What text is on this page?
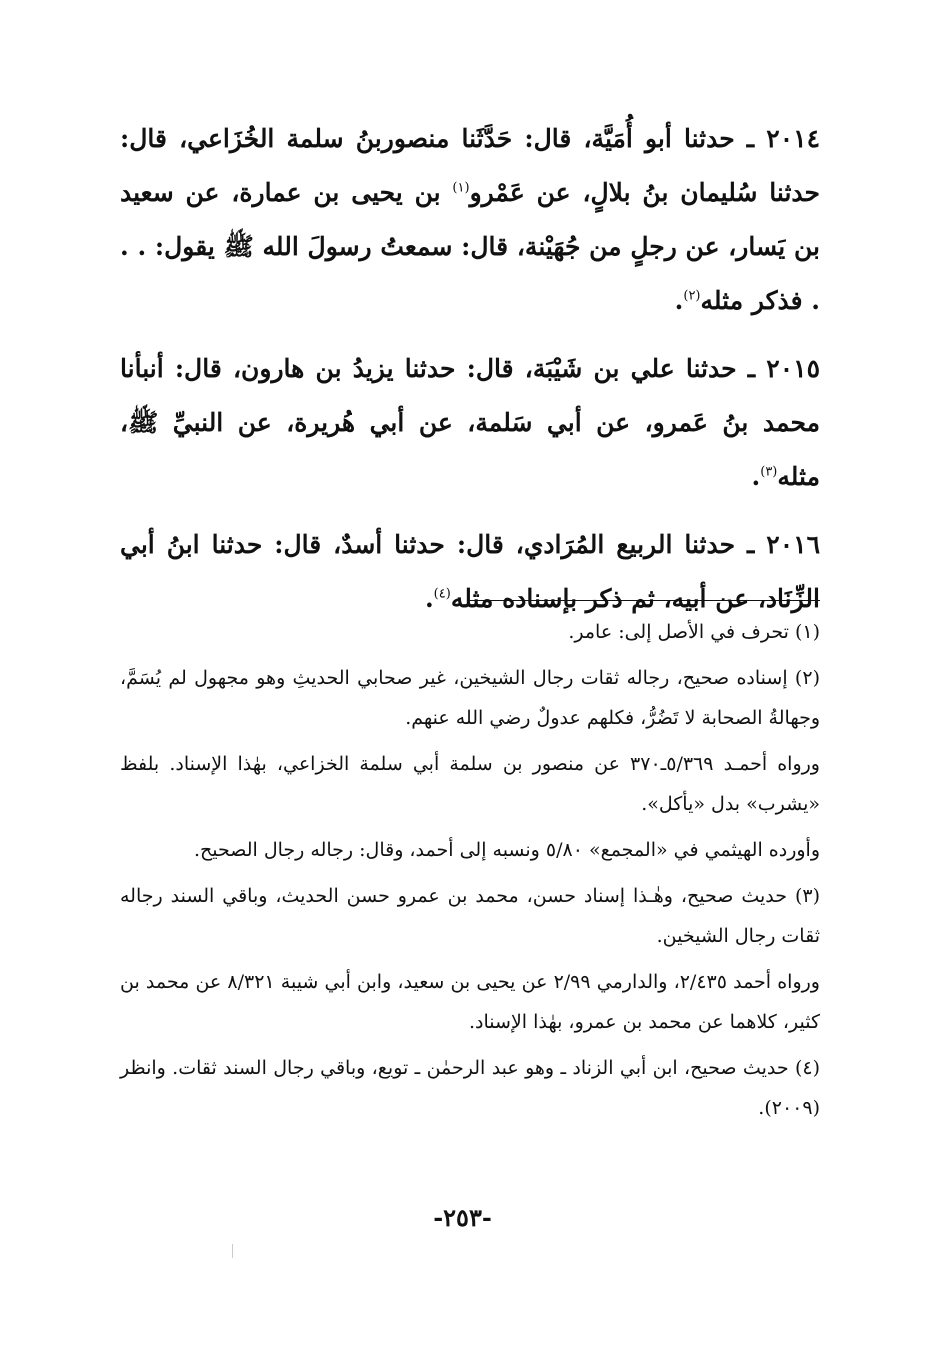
٢٠١٤ ـ حدثنا أبو أُمَيَّة، قال: حَدَّثَنا منصوربنُ سلمة الخُزَاعي، قال: حدثنا سُليمان بنُ بلالٍ، عن عَمْرو$^{(١)}$ بن يحيى بن عمارة، عن سعيد بن يَسار، عن رجلٍ من جُهَيْنة، قال: سمعتُ رسولَ الله ﷺ يقول: . . . فذكر مثله$^{(٢)}$.

٢٠١٥ ـ حدثنا علي بن شَيْبَة، قال: حدثنا يزيدُ بن هارون، قال: أنبأنا محمد بنُ عَمرو، عن أبي سَلمة، عن أبي هُريرة، عن النبيِّ ﷺ، مثله$^{(٣)}$.

٢٠١٦ ـ حدثنا الربيع المُرَادي، قال: حدثنا أسدٌ، قال: حدثنا ابنُ أبي الزِّنَاد، عن أبيه، ثم ذكر بإسناده مثله$^{(٤)}$.

(١) تحرف في الأصل إلى: عامر.

(٢) إسناده صحيح، رجاله ثقات رجال الشيخين، غير صحابي الحديثِ وهو مجهول لم يُسَمَّ، وجهالةُ الصحابة لا تَضُرُّ، فكلهم عدولٌ رضي الله عنهم.

ورواه أحمـد ٥/٣٦٩ـ٣٧٠ عن منصور بن سلمة أبي سلمة الخزاعي، بهٰذا الإسناد. بلفظ «يشرب» بدل «يأكل».

وأورده الهيثمي في «المجمع» ٥/٨٠ ونسبه إلى أحمد، وقال: رجاله رجال الصحيح.

(٣) حديث صحيح، وهٰـذا إسناد حسن، محمد بن عمرو حسن الحديث، وباقي السند رجاله ثقات رجال الشيخين.

ورواه أحمد ٢/٤٣٥، والدارمي ٢/٩٩ عن يحيى بن سعيد، وابن أبي شيبة ٨/٣٢١ عن محمد بن كثير، كلاهما عن محمد بن عمرو، بهٰذا الإسناد.

(٤) حديث صحيح، ابن أبي الزناد ـ وهو عبد الرحمٰن ـ تويع، وباقي رجال السند ثقات. وانظر (٢٠٠٩).

-٢٥٣-
